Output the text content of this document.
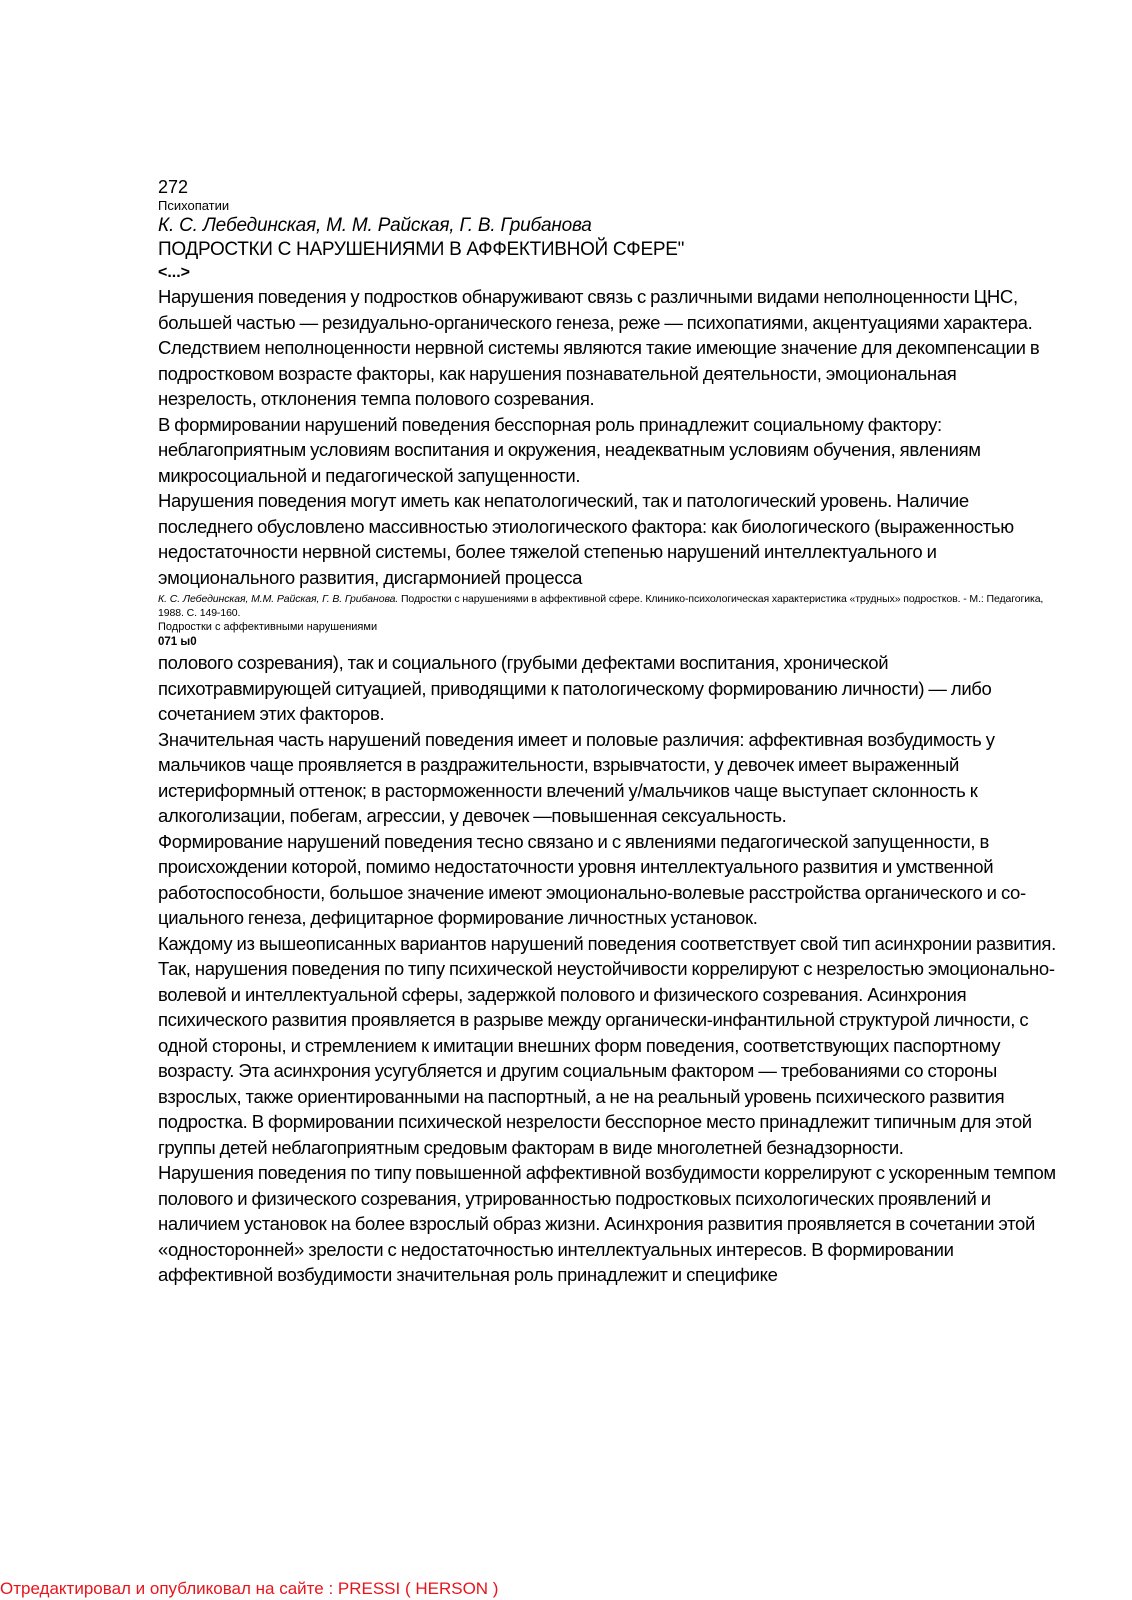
272
Психопатии
К. С. Лебединская, М. М. Райская, Г. В. Грибанова
ПОДРОСТКИ С НАРУШЕНИЯМИ В АФФЕКТИВНОЙ СФЕРЕ"
<...>

Нарушения поведения у подростков обнаруживают связь с различными видами неполноценности ЦНС, большей частью — резидуально-органического генеза, реже — психопатиями, акцентуациями характера.

Следствием неполноценности нервной системы являются такие имеющие значение для декомпенсации в подростковом возрасте факторы, как нарушения познавательной деятельности, эмоциональная незрелость, отклонения темпа полового созревания.

В формировании нарушений поведения бесспорная роль принадлежит социальному фактору: неблагоприятным условиям воспитания и окружения, неадекватным условиям обучения, явлениям микросоциальной и педагогической запущенности.

Нарушения поведения могут иметь как непатологический, так и патологический уровень. Наличие последнего обусловлено массивностью этиологического фактора: как биологического (выраженностью недостаточности нервной системы, более тяжелой степенью нарушений интеллектуального и эмоционального развития, дисгармонией процесса

К. С. Лебединская, М.М. Райская, Г. В. Грибанова. Подростки с нарушениями в аффективной сфере. Клинико-психологическая характеристика «трудных» подростков. - М.: Педагогика, 1988. С. 149-160.
Подростки с аффективными нарушениями
071 ы0

полового созревания), так и социального (грубыми дефектами воспитания, хронической психотравмирующей ситуацией, приводящими к патологическому формированию личности) — либо сочетанием этих факторов.

Значительная часть нарушений поведения имеет и половые различия: аффективная возбудимость у мальчиков чаще проявляется в раздражительности, взрывчатости, у девочек имеет выраженный истериформный оттенок; в расторможенности влечений у/мальчиков чаще выступает склонность к алкоголизации, побегам, агрессии, у девочек —повышенная сексуальность.

Формирование нарушений поведения тесно связано и с явлениями педагогической запущенности, в происхождении которой, помимо недостаточности уровня интеллектуального развития и умственной работоспособности, большое значение имеют эмоционально-волевые расстройства органического и со-циального генеза, дефицитарное формирование личностных установок.

Каждому из вышеописанных вариантов нарушений поведения соответствует свой тип асинхронии развития.

Так, нарушения поведения по типу психической неустойчивости коррелируют с незрелостью эмоционально-волевой и интеллектуальной сферы, задержкой полового и физического созревания. Асинхрония психического развития проявляется в разрыве между органически-инфантильной структурой личности, с одной стороны, и стремлением к имитации внешних форм поведения, соответствующих паспортному возрасту. Эта асинхрония усугубляется и другим социальным фактором — требованиями со стороны взрослых, также ориентированными на паспортный, а не на реальный уровень психического развития подростка. В формировании психической незрелости бесспорное место принадлежит типичным для этой группы детей неблагоприятным средовым факторам в виде многолетней безнадзорности.

Нарушения поведения по типу повышенной аффективной возбудимости коррелируют с ускоренным темпом полового и физического созревания, утрированностью подростковых психологических проявлений и наличием установок на более взрослый образ жизни. Асинхрония развития проявляется в сочетании этой «односторонней» зрелости с недостаточностью интеллектуальных интересов. В формировании аффективной возбудимости значительная роль принадлежит и специфике

Отредактировал и опубликовал на сайте : PRESSI ( HERSON )
